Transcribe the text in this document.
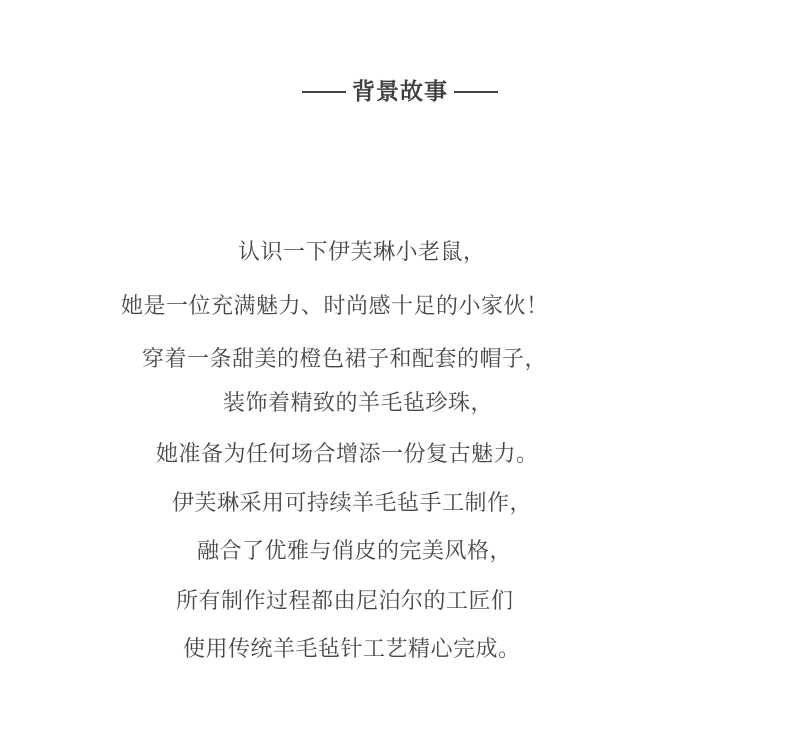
背景故事
认识一下伊芙琳小老鼠，
她是一位充满魅力、时尚感十足的小家伙！
穿着一条甜美的橙色裙子和配套的帽子，
装饰着精致的羊毛毡珍珠，
她准备为任何场合增添一份复古魅力。
伊芙琳采用可持续羊毛毡手工制作，
融合了优雅与俏皮的完美风格，
所有制作过程都由尼泊尔的工匠们
使用传统羊毛毡针工艺精心完成。
